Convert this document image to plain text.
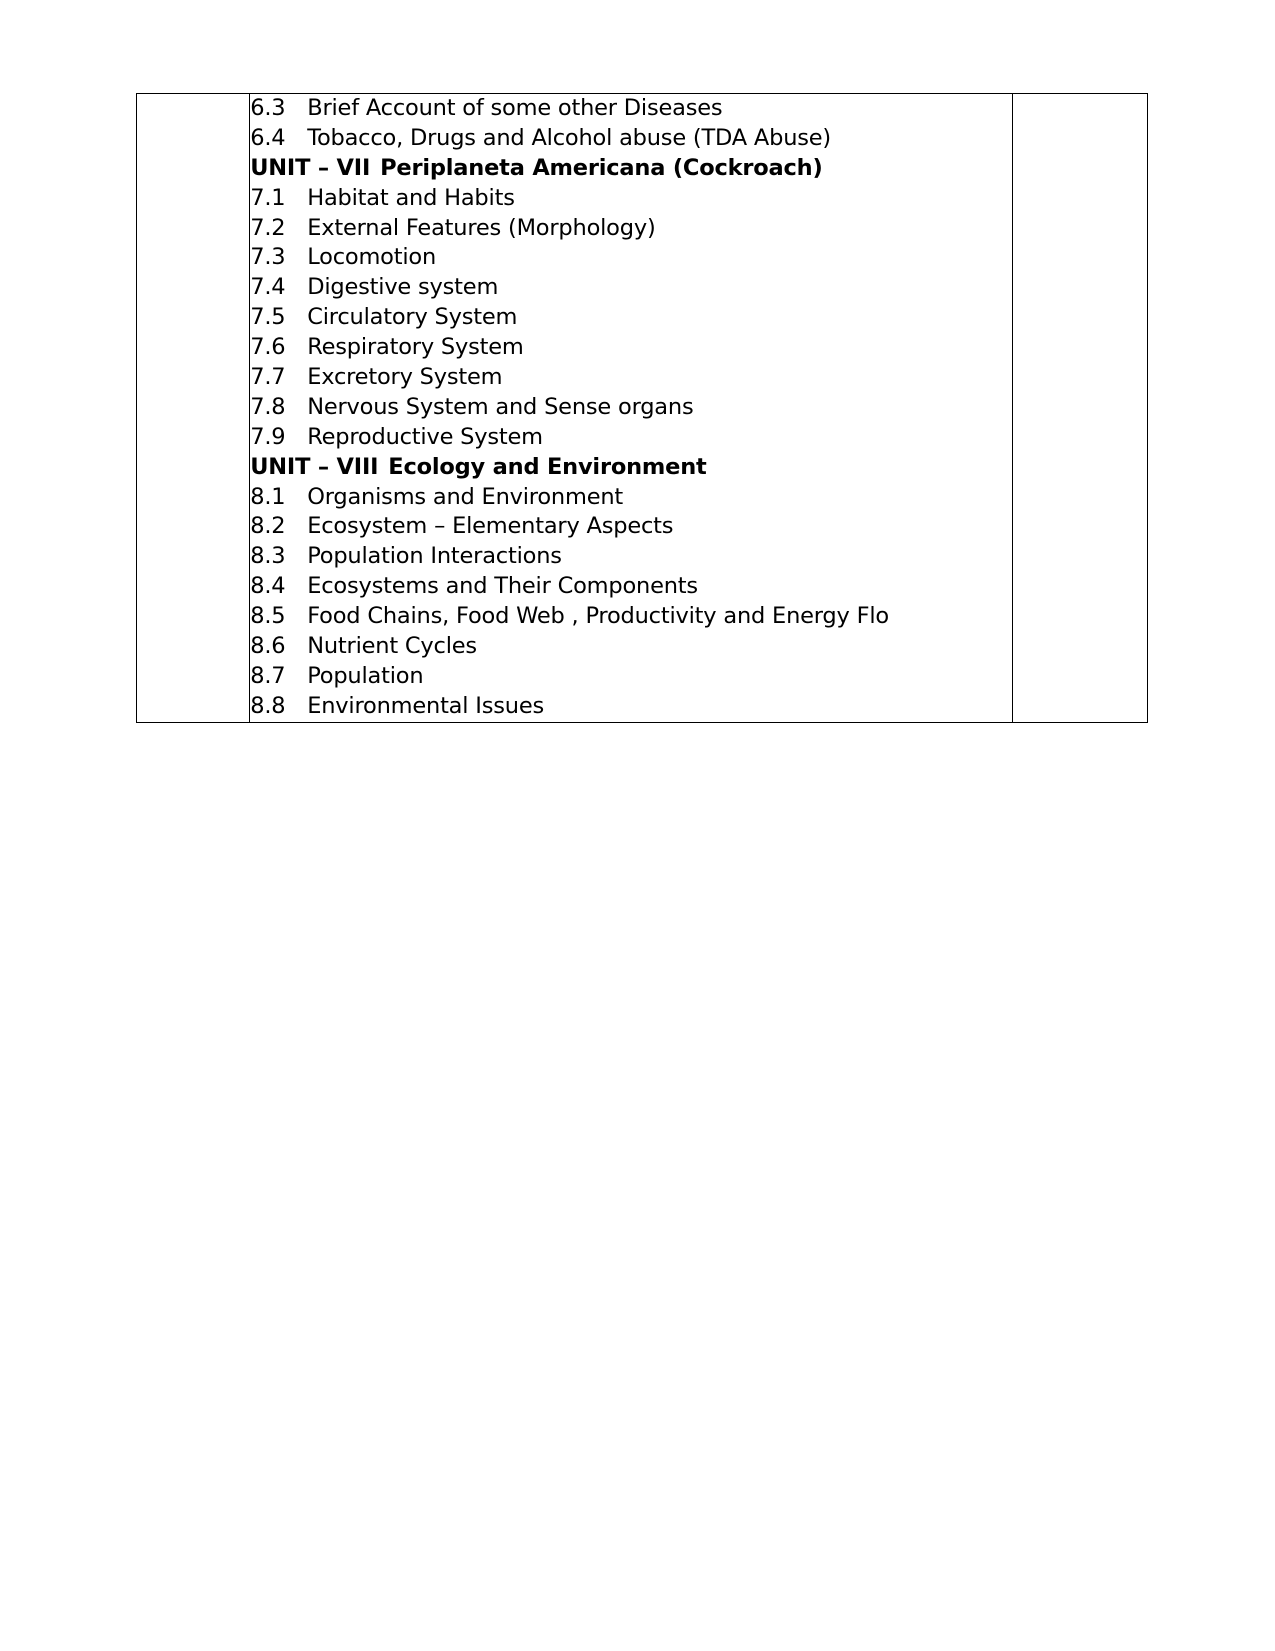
6.3 Brief Account of some other Diseases
6.4 Tobacco, Drugs and Alcohol abuse (TDA Abuse)
UNIT – VII Periplaneta Americana (Cockroach)
7.1 Habitat and Habits
7.2 External Features (Morphology)
7.3 Locomotion
7.4 Digestive system
7.5 Circulatory System
7.6 Respiratory System
7.7 Excretory System
7.8 Nervous System and Sense organs
7.9 Reproductive System
UNIT – VIII Ecology and Environment
8.1 Organisms and Environment
8.2 Ecosystem – Elementary Aspects
8.3 Population Interactions
8.4 Ecosystems and Their Components
8.5 Food Chains, Food Web , Productivity and Energy Flo
8.6 Nutrient Cycles
8.7 Population
8.8 Environmental Issues
